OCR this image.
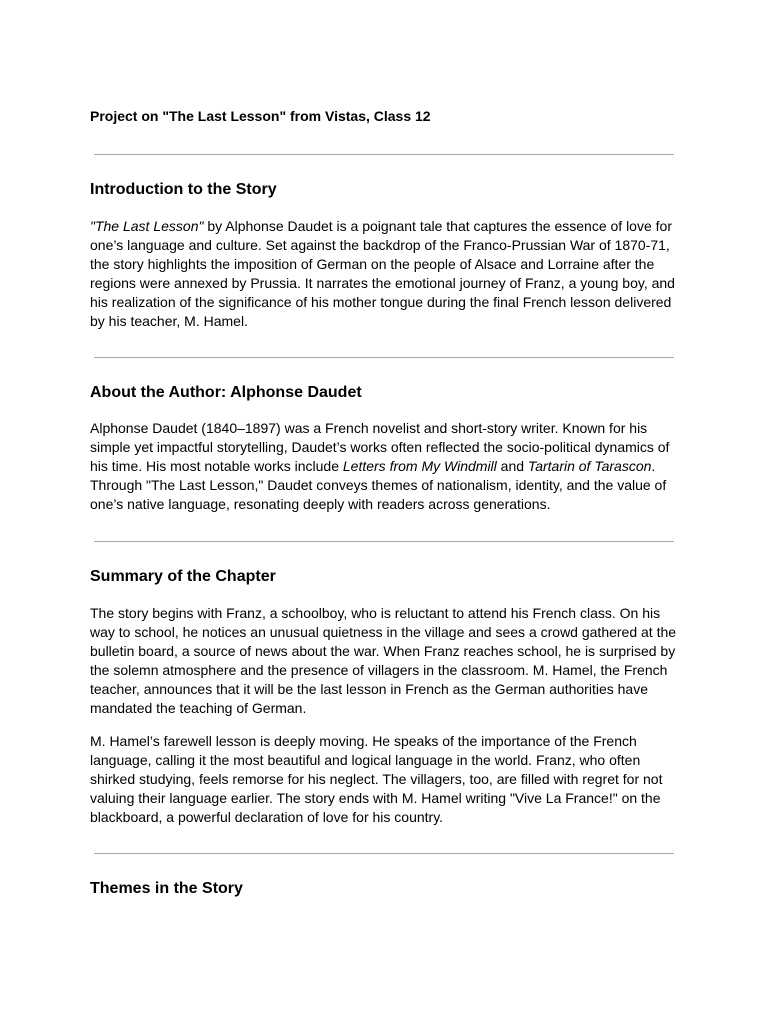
Project on "The Last Lesson" from Vistas, Class 12
Introduction to the Story
"The Last Lesson" by Alphonse Daudet is a poignant tale that captures the essence of love for
one’s language and culture. Set against the backdrop of the Franco-Prussian War of 1870-71,
the story highlights the imposition of German on the people of Alsace and Lorraine after the
regions were annexed by Prussia. It narrates the emotional journey of Franz, a young boy, and
his realization of the significance of his mother tongue during the final French lesson delivered
by his teacher, M. Hamel.
About the Author: Alphonse Daudet
Alphonse Daudet (1840–1897) was a French novelist and short-story writer. Known for his
simple yet impactful storytelling, Daudet’s works often reflected the socio-political dynamics of
his time. His most notable works include Letters from My Windmill and Tartarin of Tarascon.
Through "The Last Lesson," Daudet conveys themes of nationalism, identity, and the value of
one’s native language, resonating deeply with readers across generations.
Summary of the Chapter
The story begins with Franz, a schoolboy, who is reluctant to attend his French class. On his
way to school, he notices an unusual quietness in the village and sees a crowd gathered at the
bulletin board, a source of news about the war. When Franz reaches school, he is surprised by
the solemn atmosphere and the presence of villagers in the classroom. M. Hamel, the French
teacher, announces that it will be the last lesson in French as the German authorities have
mandated the teaching of German.
M. Hamel’s farewell lesson is deeply moving. He speaks of the importance of the French
language, calling it the most beautiful and logical language in the world. Franz, who often
shirked studying, feels remorse for his neglect. The villagers, too, are filled with regret for not
valuing their language earlier. The story ends with M. Hamel writing "Vive La France!" on the
blackboard, a powerful declaration of love for his country.
Themes in the Story
